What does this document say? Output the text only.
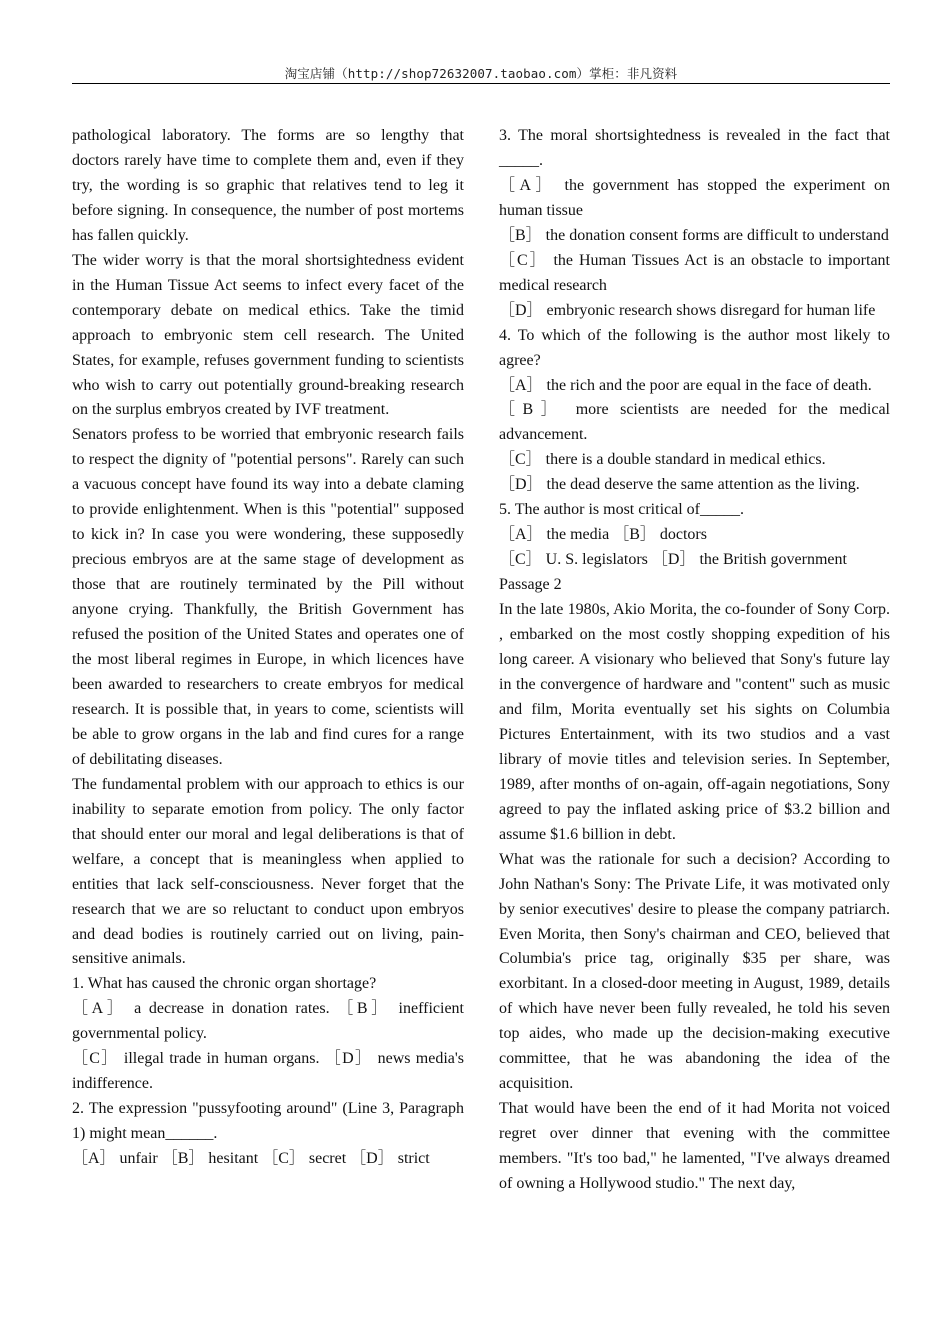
淘宝店铺（http://shop72632007.taobao.com）掌柜：非凡资料

pathological laboratory. The forms are so lengthy that doctors rarely have time to complete them and, even if they try, the wording is so graphic that relatives tend to leg it before signing. In consequence, the number of post mortems has fallen quickly.

The wider worry is that the moral shortsightedness evident in the Human Tissue Act seems to infect every facet of the contemporary debate on medical ethics. Take the timid approach to embryonic stem cell research. The United States, for example, refuses government funding to scientists who wish to carry out potentially ground-breaking research on the surplus embryos created by IVF treatment.

Senators profess to be worried that embryonic research fails to respect the dignity of "potential persons". Rarely can such a vacuous concept have found its way into a debate claming to provide enlightenment. When is this "potential" supposed to kick in? In case you were wondering, these supposedly precious embryos are at the same stage of development as those that are routinely terminated by the Pill without anyone crying. Thankfully, the British Government has refused the position of the United States and operates one of the most liberal regimes in Europe, in which licences have been awarded to researchers to create embryos for medical research. It is possible that, in years to come, scientists will be able to grow organs in the lab and find cures for a range of debilitating diseases.

The fundamental problem with our approach to ethics is our inability to separate emotion from policy. The only factor that should enter our moral and legal deliberations is that of welfare, a concept that is meaningless when applied to entities that lack self-consciousness. Never forget that the research that we are so reluctant to conduct upon embryos and dead bodies is routinely carried out on living, pain-sensitive animals.

1. What has caused the chronic organ shortage?

［A］ a decrease in donation rates. ［B］ inefficient governmental policy.

［C］ illegal trade in human organs. ［D］ news media's indifference.

2. The expression "pussyfooting around" (Line 3, Paragraph 1) might mean______.

［A］ unfair ［B］ hesitant ［C］ secret ［D］ strict

3. The moral shortsightedness is revealed in the fact that _____.

［A］ the government has stopped the experiment on human tissue

［B］ the donation consent forms are difficult to understand

［C］ the Human Tissues Act is an obstacle to important medical research

［D］ embryonic research shows disregard for human life

4. To which of the following is the author most likely to agree?

［A］ the rich and the poor are equal in the face of death.

［B］ more scientists are needed for the medical advancement.

［C］ there is a double standard in medical ethics.

［D］ the dead deserve the same attention as the living.

5. The author is most critical of_____.

［A］ the media ［B］ doctors

［C］ U. S. legislators ［D］ the British government

Passage 2

In the late 1980s, Akio Morita, the co-founder of Sony Corp. , embarked on the most costly shopping expedition of his long career. A visionary who believed that Sony's future lay in the convergence of hardware and "content" such as music and film, Morita eventually set his sights on Columbia Pictures Entertainment, with its two studios and a vast library of movie titles and television series. In September, 1989, after months of on-again, off-again negotiations, Sony agreed to pay the inflated asking price of $3.2 billion and assume $1.6 billion in debt.

What was the rationale for such a decision? According to John Nathan's Sony: The Private Life, it was motivated only by senior executives' desire to please the company patriarch. Even Morita, then Sony's chairman and CEO, believed that Columbia's price tag, originally $35 per share, was exorbitant. In a closed-door meeting in August, 1989, details of which have never been fully revealed, he told his seven top aides, who made up the decision-making executive committee, that he was abandoning the idea of the acquisition.

That would have been the end of it had Morita not voiced regret over dinner that evening with the committee members. "It's too bad," he lamented, "I've always dreamed of owning a Hollywood studio." The next day,
